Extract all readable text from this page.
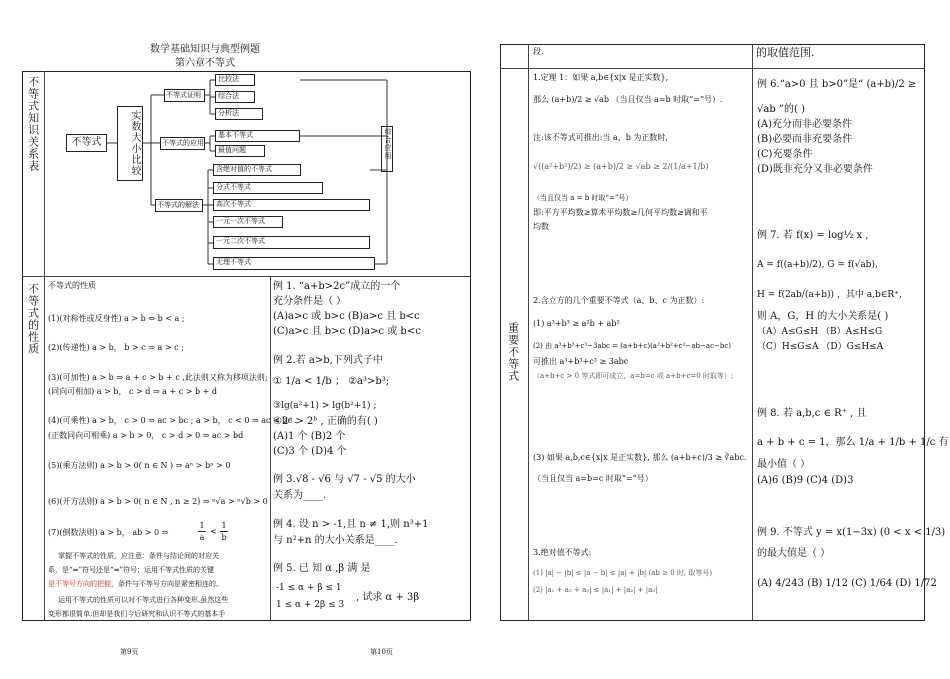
数学基础知识与典型例题
第六章不等式
不等式知识关系表
不等式的性质
不等式	实数大小比较
不等式证明
不等式的应用
不等式的解法
比较法
综合法
分析法
基本不等式
最值问题
含绝对值的不等式
分式不等式
高次不等式
一元一次不等式
一元二次不等式
无理不等式
综合应用
不等式的性质
(1)(对称性或反身性) a > b ⇔ b < a ;
(2)(传递性) a > b， b > c ⇒ a > c ;
(3)(可加性) a > b ⇒ a + c > b + c ,此法则又称为移项法则;
(同向可相加) a > b， c > d ⇒ a + c > b + d
(4)(可乘性) a > b， c > 0 ⇒ ac > bc ; a > b， c < 0 ⇒ ac < bc .
(正数同向可相乘) a > b > 0， c > d > 0 ⇒ ac > bd
(5)(乘方法则) a > b > 0( n ∈ N ) ⇒ aⁿ > bⁿ > 0
(6)(开方法则) a > b > 0( n ∈ N , n ≥ 2) ⇒ ⁿ√a > ⁿ√b > 0
(7)(倒数法则) a > b， ab > 0 ⇒
1
a
<
1
b
掌握不等式的性质，应注意：条件与结论间的对应关
系，是“⇒”符号还是“⇔”符号；运用不等式性质的关键
是不等号方向的把握，条件与不等号方向是紧密相连的。
运用不等式的性质可以对不等式进行各种变形,虽然这些
变形都很简单,但却是我们今后研究和认识不等式的基本手
例 1. “a+b>2c”成立的一个
充分条件是（ ）
(A)a>c 或 b>c (B)a>c 且 b<c
(C)a>c 且 b>c (D)a>c 或 b<c
例 2.若 a>b,下列式子中
① 1/a < 1/b ； ②a³>b³;
③lg(a²+1) > lg(b²+1) ;
④2ᵃ > 2ᵇ , 正确的有( )
(A)1 个 (B)2 个
(C)3 个 (D)4 个
例 3.√8 - √6 与 √7 - √5 的大小
关系为____.
例 4. 设 n > -1,且 n ≠ 1,则 n³+1
与 n²+n 的大小关系是____.
例 5. 已 知 α ,β 满 是
-1 ≤ α + β ≤ 1
1 ≤ α + 2β ≤ 3
, 试求 α + 3β
第9页
段.	的取值范围.
重要不等式
1.定理 1：如果 a,b∈{x|x 是正实数},
那么 (a+b)/2 ≥ √ab （当且仅当 a=b 时取“=”号）.
注:该不等式可推出:当 a、b 为正数时,
√((a²+b²)/2) ≥ (a+b)/2 ≥ √ab ≥ 2/(1/a+1/b)
（当且仅当 a = b 时取“=”号）
即:平方平均数≥算术平均数≥几何平均数≥调和平
均数
2.含立方的几个重要不等式（a、b、c 为正数）:
(1) a³+b³ ≥ a²b + ab²
(2) 由 a³+b³+c³−3abc = (a+b+c)(a²+b²+c²−ab−ac−bc)
可推出 a³+b³+c³ ≥ 3abc
（a+b+c > 0 等式即可成立，a=b=c 或 a+b+c=0 时取等）;
(3) 如果 a,b,c∈{x|x 是正实数}, 那么 (a+b+c)/3 ≥ ∛abc.
（当且仅当 a=b=c 时取“=”号）
3.绝对值不等式:
(1) |a| − |b| ≤ |a − b| ≤ |a| + |b| (ab ≥ 0 时, 取等号)
(2) |a₁ + a₂ + a₃| ≤ |a₁| + |a₂| + |a₃|
例 6.“a>0 且 b>0”是“ (a+b)/2 ≥
√ab ”的( )
(A)充分而非必要条件
(B)必要而非充要条件
(C)充要条件
(D)既非充分又非必要条件
例 7. 若 f(x) = log½ x ,
A = f((a+b)/2), G = f(√ab),
H = f(2ab/(a+b)) ，其中 a,b∈R⁺,
则 A，G，H 的大小关系是( )
（A）A≤G≤H （B）A≤H≤G
（C）H≤G≤A （D）G≤H≤A
例 8. 若 a,b,c ∈ R⁺ , 且
a + b + c = 1，那么 1/a + 1/b + 1/c 有
最小值（ ）
(A)6 (B)9 (C)4 (D)3
例 9. 不等式 y = x(1−3x) (0 < x < 1/3)
的最大值是（ ）
(A) 4/243 (B) 1/12 (C) 1/64 (D) 1/72
第10页
